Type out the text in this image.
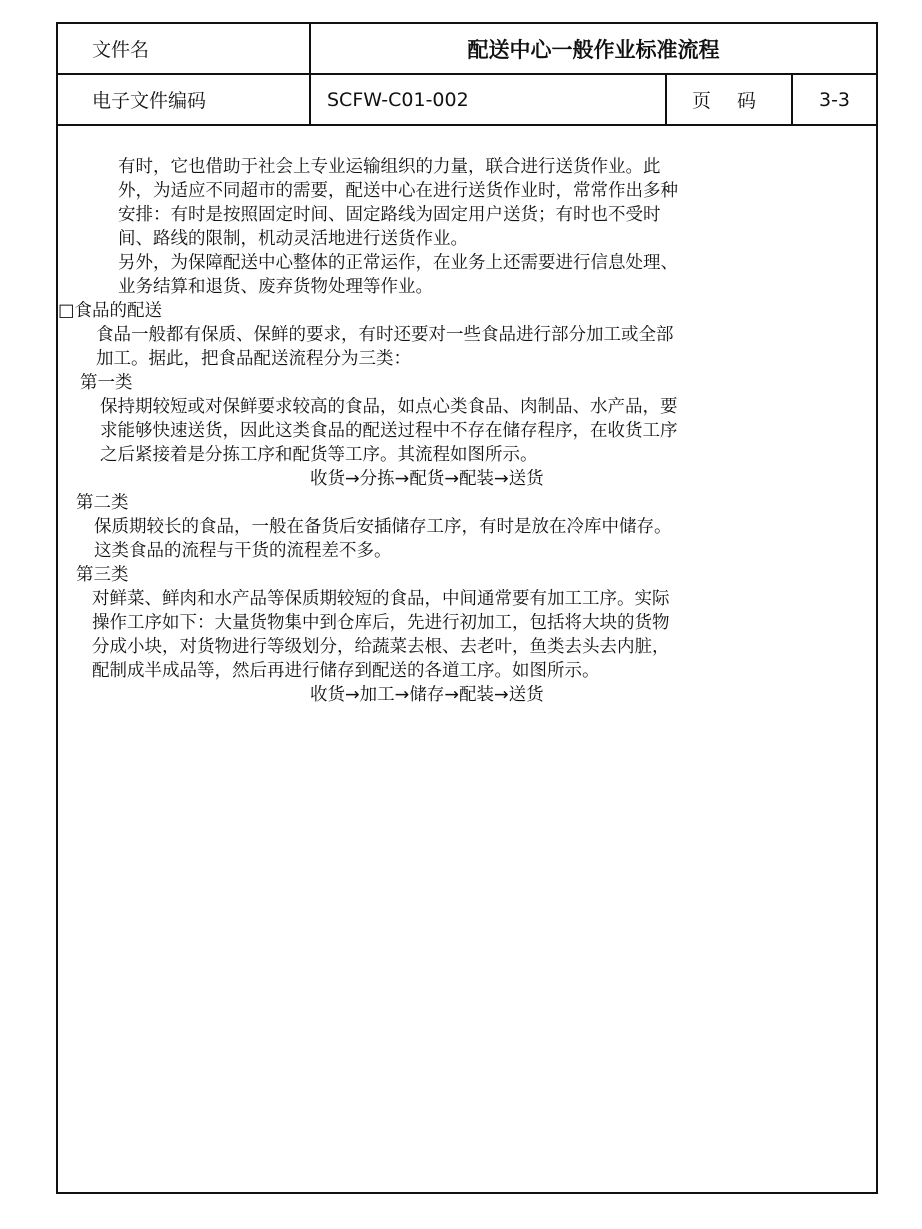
文件名	配送中心一般作业标准流程		
电子文件编码	SCFW-C01-002	页 码	3-3
有时，它也借助于社会上专业运输组织的力量，联合进行送货作业。此
外，为适应不同超市的需要，配送中心在进行送货作业时，常常作出多种
安排：有时是按照固定时间、固定路线为固定用户送货；有时也不受时
间、路线的限制，机动灵活地进行送货作业。
另外，为保障配送中心整体的正常运作，在业务上还需要进行信息处理、
业务结算和退货、废弃货物处理等作业。
□食品的配送
食品一般都有保质、保鲜的要求，有时还要对一些食品进行部分加工或全部
加工。据此，把食品配送流程分为三类：
第一类
保持期较短或对保鲜要求较高的食品，如点心类食品、肉制品、水产品，要
求能够快速送货，因此这类食品的配送过程中不存在储存程序，在收货工序
之后紧接着是分拣工序和配货等工序。其流程如图所示。
收货→分拣→配货→配装→送货
第二类
保质期较长的食品，一般在备货后安插储存工序，有时是放在冷库中储存。
这类食品的流程与干货的流程差不多。
第三类
对鲜菜、鲜肉和水产品等保质期较短的食品，中间通常要有加工工序。实际
操作工序如下：大量货物集中到仓库后，先进行初加工，包括将大块的货物
分成小块，对货物进行等级划分，给蔬菜去根、去老叶，鱼类去头去内脏，
配制成半成品等，然后再进行储存到配送的各道工序。如图所示。
收货→加工→储存→配装→送货
